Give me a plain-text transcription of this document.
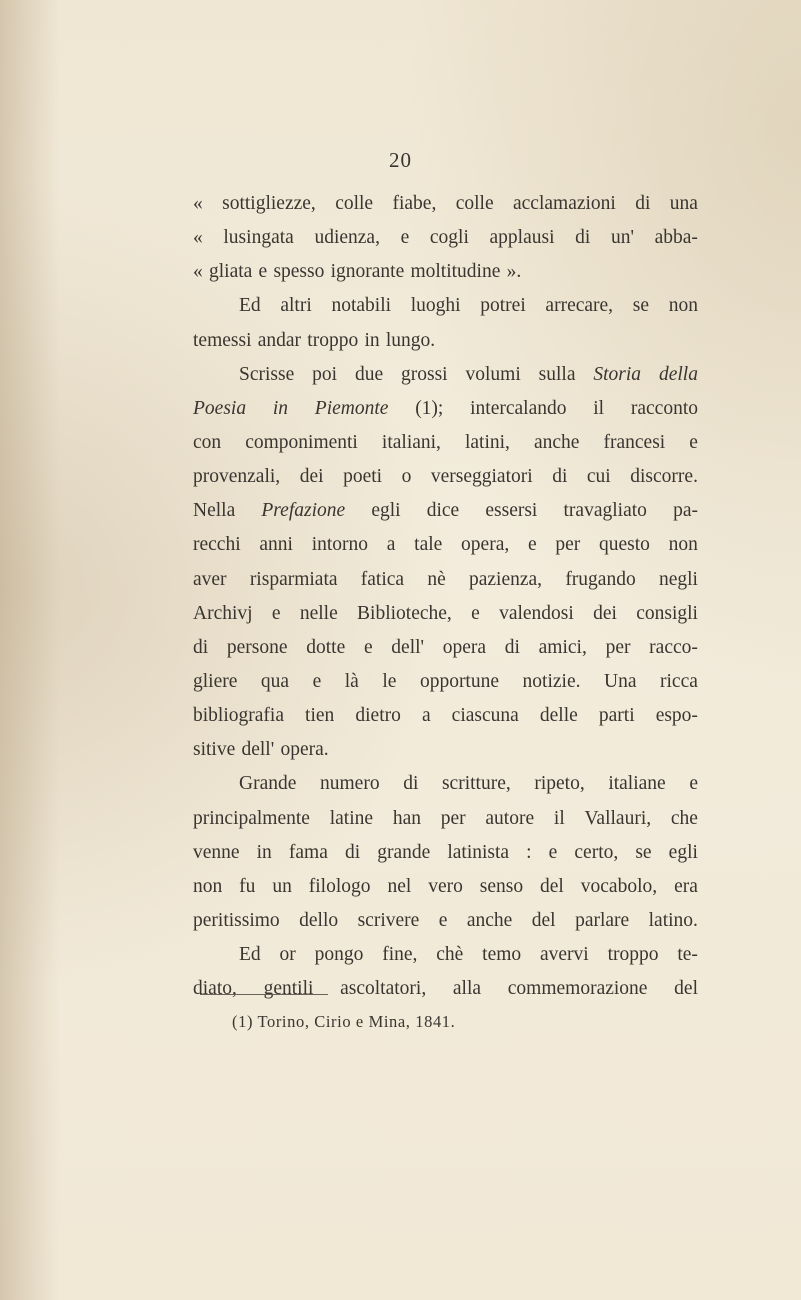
20
« sottigliezze, colle fiabe, colle acclamazioni di una
« lusingata udienza, e cogli applausi di un' abba-
« gliata e spesso ignorante moltitudine ».
Ed altri notabili luoghi potrei arrecare, se non
temessi andar troppo in lungo.
Scrisse poi due grossi volumi sulla Storia della
Poesia in Piemonte (1); intercalando il racconto
con componimenti italiani, latini, anche francesi e
provenzali, dei poeti o verseggiatori di cui discorre.
Nella Prefazione egli dice essersi travagliato pa-
recchi anni intorno a tale opera, e per questo non
aver risparmiata fatica nè pazienza, frugando negli
Archivj e nelle Biblioteche, e valendosi dei consigli
di persone dotte e dell' opera di amici, per racco-
gliere qua e là le opportune notizie. Una ricca
bibliografia tien dietro a ciascuna delle parti espo-
sitive dell' opera.
Grande numero di scritture, ripeto, italiane e
principalmente latine han per autore il Vallauri, che
venne in fama di grande latinista : e certo, se egli
non fu un filologo nel vero senso del vocabolo, era
peritissimo dello scrivere e anche del parlare latino.
Ed or pongo fine, chè temo avervi troppo te-
diato, gentili ascoltatori, alla commemorazione del
(1) Torino, Cirio e Mina, 1841.
